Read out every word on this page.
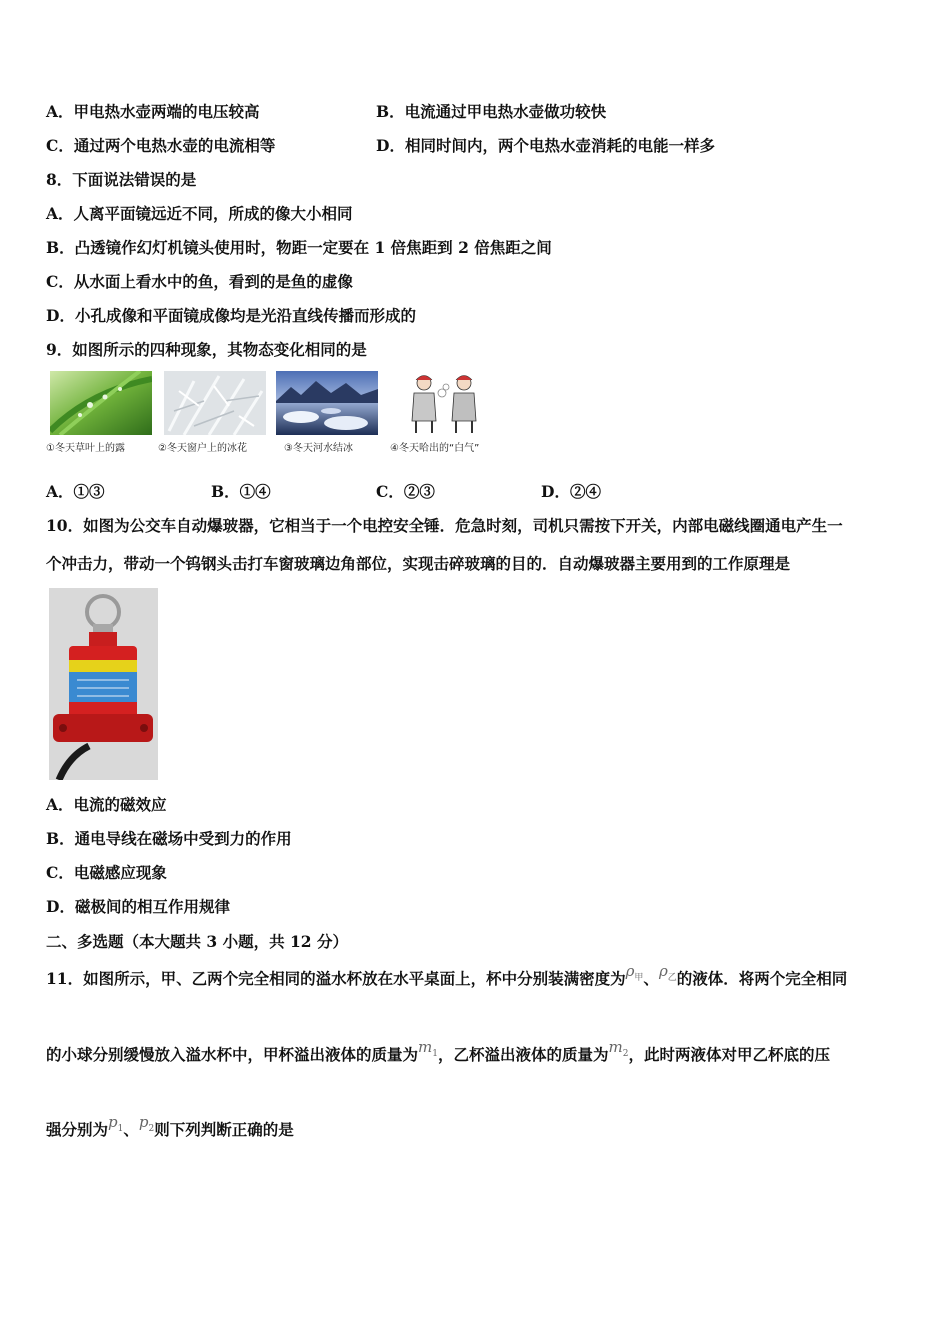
A．甲电热水壶两端的电压较高	B．电流通过甲电热水壶做功较快
C．通过两个电热水壶的电流相等	D．相同时间内，两个电热水壶消耗的电能一样多
8．下面说法错误的是
A．人离平面镜远近不同，所成的像大小相同
B．凸透镜作幻灯机镜头使用时，物距一定要在 1 倍焦距到 2 倍焦距之间
C．从水面上看水中的鱼，看到的是鱼的虚像
D．小孔成像和平面镜成像均是光沿直线传播而形成的
9．如图所示的四种现象，其物态变化相同的是
①冬天草叶上的露	②冬天窗户上的冰花	③冬天河水结冰	④冬天哈出的“白气”
A．①③	B．①④	C．②③	D．②④
10．如图为公交车自动爆玻器，它相当于一个电控安全锤．危急时刻，司机只需按下开关，内部电磁线圈通电产生一
个冲击力，带动一个钨钢头击打车窗玻璃边角部位，实现击碎玻璃的目的．自动爆玻器主要用到的工作原理是
A．电流的磁效应
B．通电导线在磁场中受到力的作用
C．电磁感应现象
D．磁极间的相互作用规律
二、多选题（本大题共 3 小题，共 12 分）
11．如图所示，甲、乙两个完全相同的溢水杯放在水平桌面上，杯中分别装满密度为$\rho_甲$、$\rho_乙$的液体．将两个完全相同
的小球分别缓慢放入溢水杯中，甲杯溢出液体的质量为$m_1$，乙杯溢出液体的质量为$m_2$，此时两液体对甲乙杯底的压
强分别为$p_1$、$p_2$则下列判断正确的是
